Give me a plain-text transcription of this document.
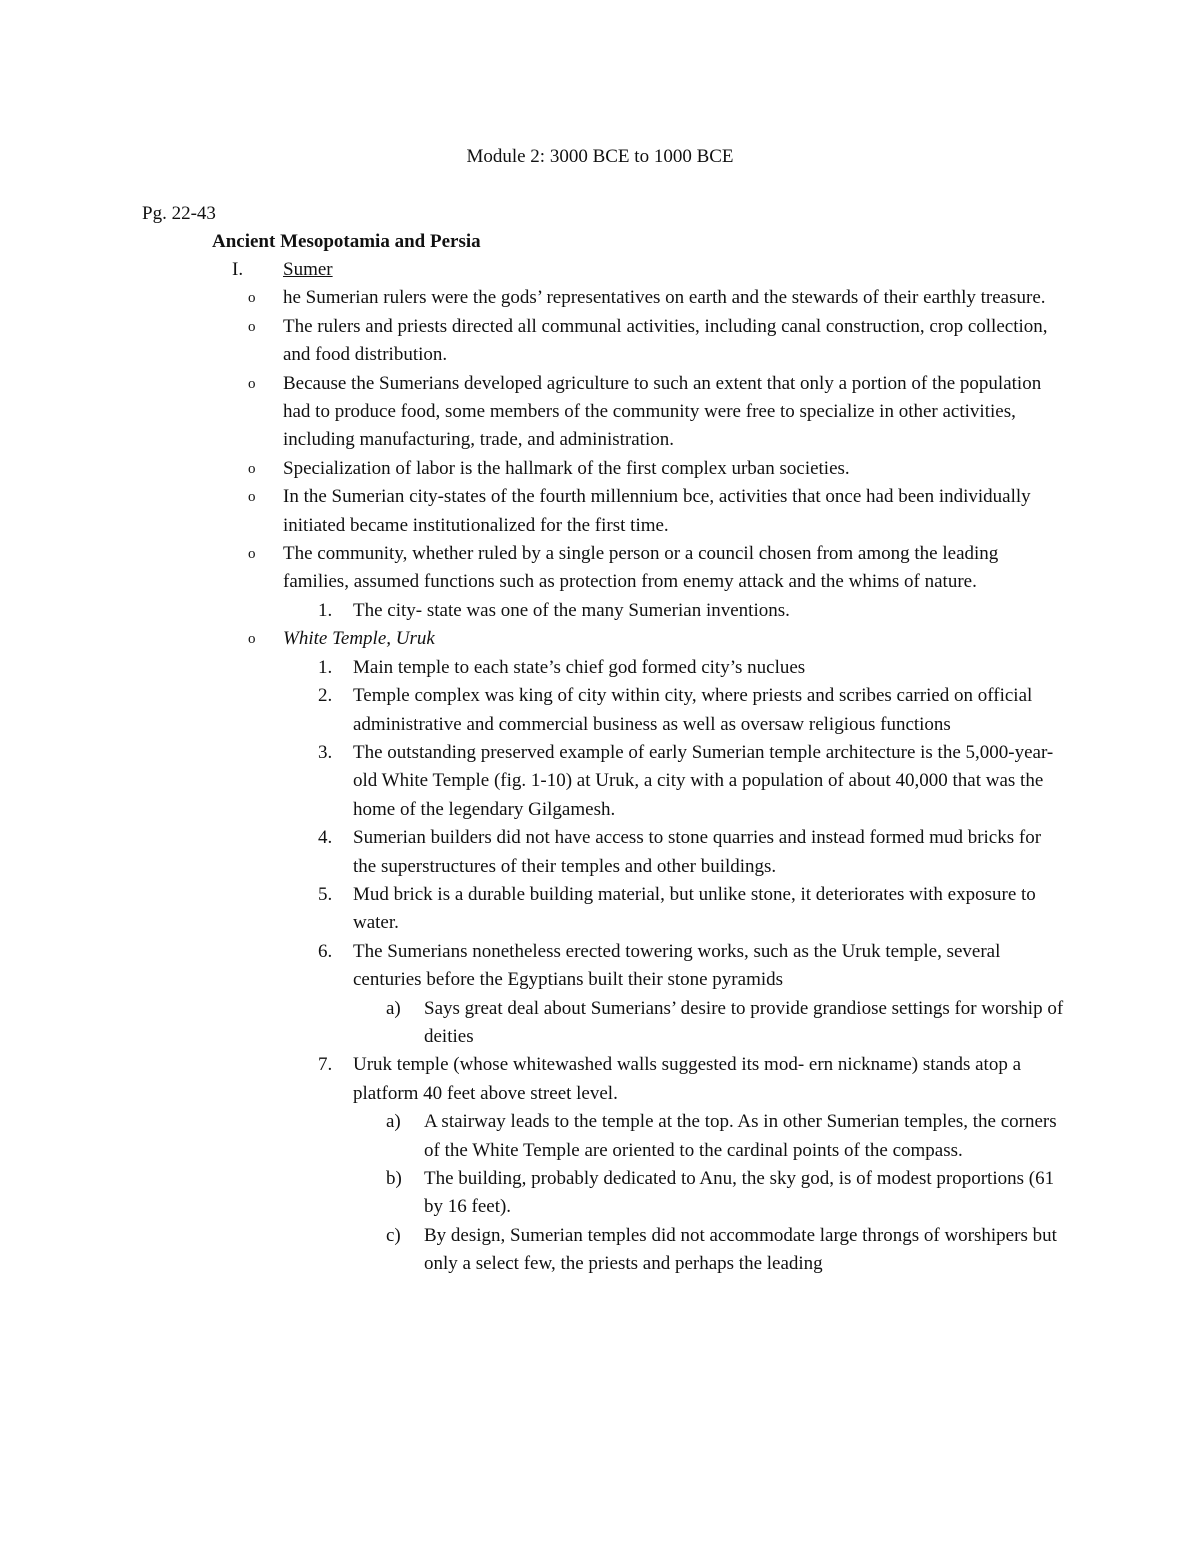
Module 2: 3000 BCE to 1000 BCE
Pg. 22-43
Ancient Mesopotamia and Persia
I. Sumer
o he Sumerian rulers were the gods’ representatives on earth and the stewards of their earthly treasure.
o The rulers and priests directed all communal activities, including canal construction, crop collection, and food distribution.
o Because the Sumerians developed agriculture to such an extent that only a portion of the population had to produce food, some members of the community were free to specialize in other activities, including manufacturing, trade, and administration.
o Specialization of labor is the hallmark of the first complex urban societies.
o In the Sumerian city-states of the fourth millennium bce, activities that once had been individually initiated became institutionalized for the first time.
o The community, whether ruled by a single person or a council chosen from among the leading families, assumed functions such as protection from enemy attack and the whims of nature.
1. The city- state was one of the many Sumerian inventions.
o White Temple, Uruk
1. Main temple to each state’s chief god formed city’s nuclues
2. Temple complex was king of city within city, where priests and scribes carried on official administrative and commercial business as well as oversaw religious functions
3. The outstanding preserved example of early Sumerian temple architecture is the 5,000-year-old White Temple (fig. 1-10) at Uruk, a city with a population of about 40,000 that was the home of the legendary Gilgamesh.
4. Sumerian builders did not have access to stone quarries and instead formed mud bricks for the superstructures of their temples and other buildings.
5. Mud brick is a durable building material, but unlike stone, it deteriorates with exposure to water.
6. The Sumerians nonetheless erected towering works, such as the Uruk temple, several centuries before the Egyptians built their stone pyramids
a) Says great deal about Sumerians’ desire to provide grandiose settings for worship of deities
7. Uruk temple (whose whitewashed walls suggested its mod- ern nickname) stands atop a platform 40 feet above street level.
a) A stairway leads to the temple at the top. As in other Sumerian temples, the corners of the White Temple are oriented to the cardinal points of the compass.
b) The building, probably dedicated to Anu, the sky god, is of modest proportions (61 by 16 feet).
c) By design, Sumerian temples did not accommodate large throngs of worshipers but only a select few, the priests and perhaps the leading
